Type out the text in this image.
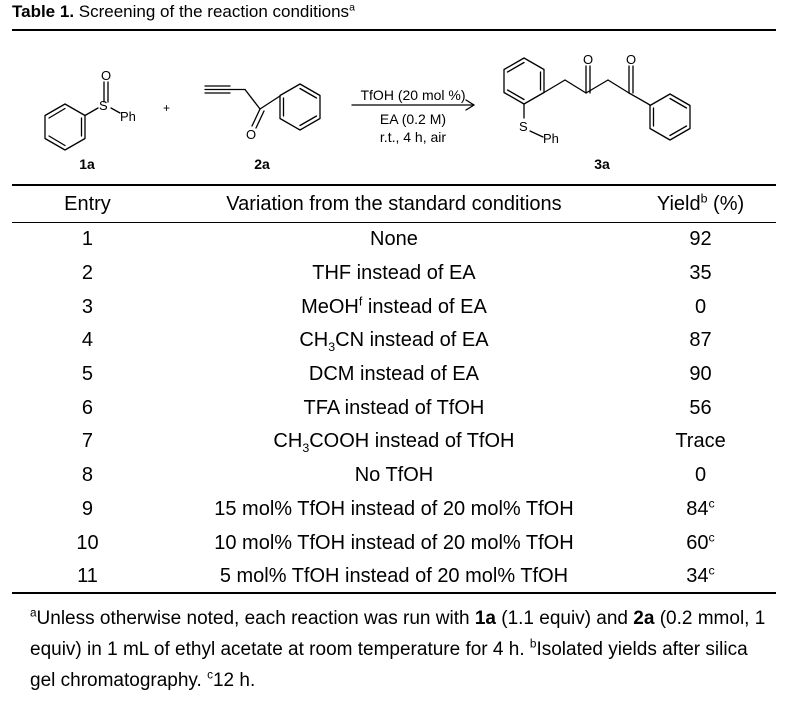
Table 1. Screening of the reaction conditions$^a$
O
S
Ph
+
O
TfOH (20 mol %)
EA (0.2 M)
r.t., 4 h, air
O	O
S
Ph
1a	2a	3a
Entry	Variation from the standard conditions	Yield$^b$ (%)
1	None	92
2	THF instead of EA	35
3	MeOH$^f$ instead of EA	0
4	$CH_3CN$ instead of EA	87
5	DCM instead of EA	90
6	TFA instead of TfOH	56
7	$CH_3COOH$ instead of TfOH	Trace
8	No TfOH	0
9	15 mol% TfOH instead of 20 mol% TfOH	84$^c$
10	10 mol% TfOH instead of 20 mol% TfOH	60$^c$
11	5 mol% TfOH instead of 20 mol% TfOH	34$^c$
$^a$Unless otherwise noted, each reaction was run with 1a (1.1 equiv) and 2a (0.2 mmol, 1 equiv) in 1 mL of ethyl acetate at room temperature for 4 h. $^b$Isolated yields after silica gel chromatography. $^c$12 h.
